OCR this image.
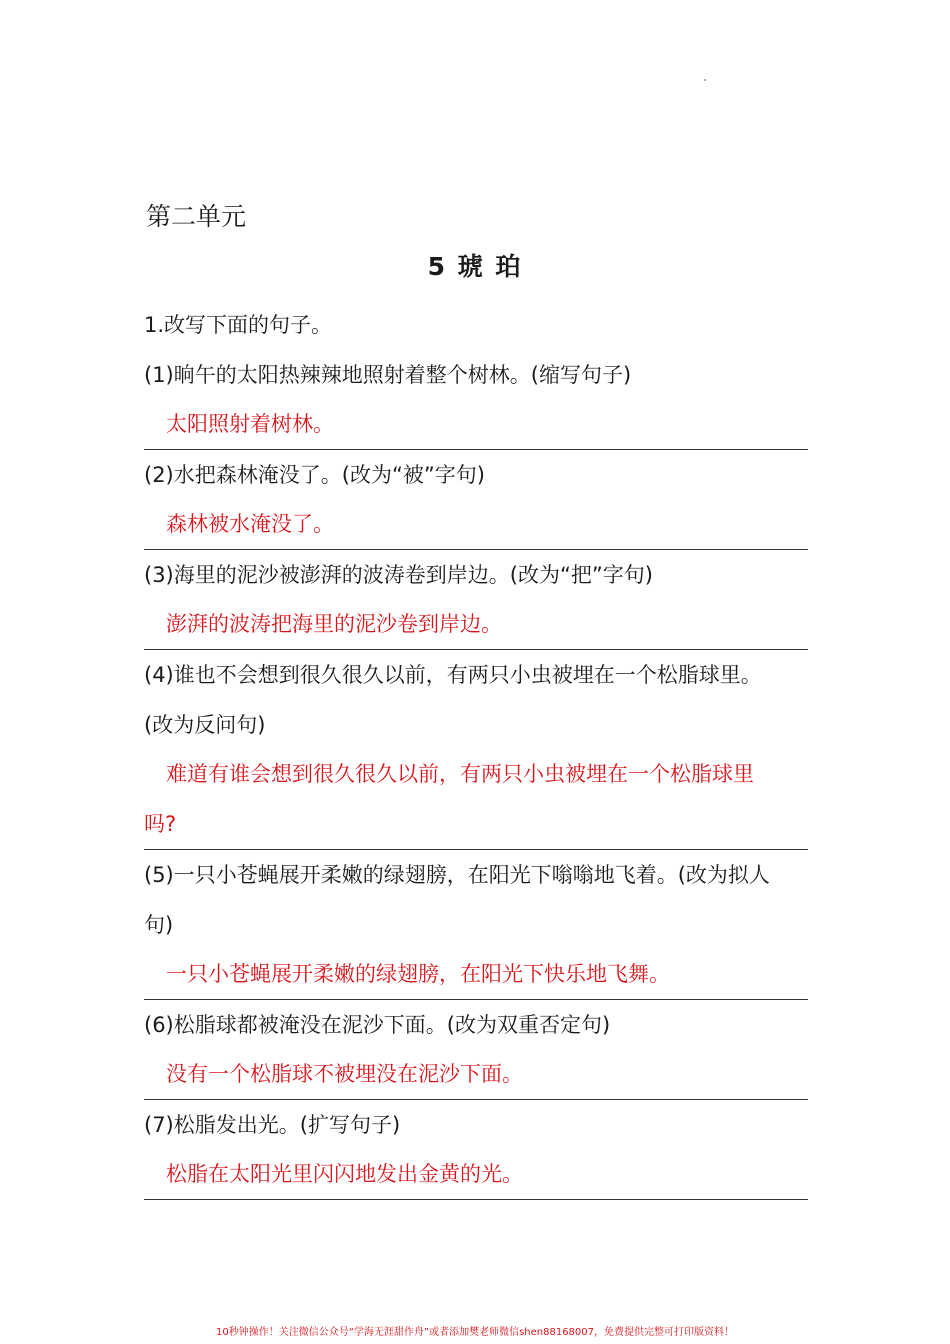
第二单元
5 琥 珀
1.改写下面的句子。
(1)晌午的太阳热辣辣地照射着整个树林。(缩写句子)
太阳照射着树林。
(2)水把森林淹没了。(改为“被”字句)
森林被水淹没了。
(3)海里的泥沙被澎湃的波涛卷到岸边。(改为“把”字句)
澎湃的波涛把海里的泥沙卷到岸边。
(4)谁也不会想到很久很久以前，有两只小虫被埋在一个松脂球里。
(改为反问句)
难道有谁会想到很久很久以前，有两只小虫被埋在一个松脂球里
吗?
(5)一只小苍蝇展开柔嫩的绿翅膀，在阳光下嗡嗡地飞着。(改为拟人
句)
一只小苍蝇展开柔嫩的绿翅膀，在阳光下快乐地飞舞。
(6)松脂球都被淹没在泥沙下面。(改为双重否定句)
没有一个松脂球不被埋没在泥沙下面。
(7)松脂发出光。(扩写句子)
松脂在太阳光里闪闪地发出金黄的光。
10秒钟操作！关注微信公众号“学海无涯甜作舟”或者添加樊老师微信shen88168007，免费提供完整可打印版资料！
